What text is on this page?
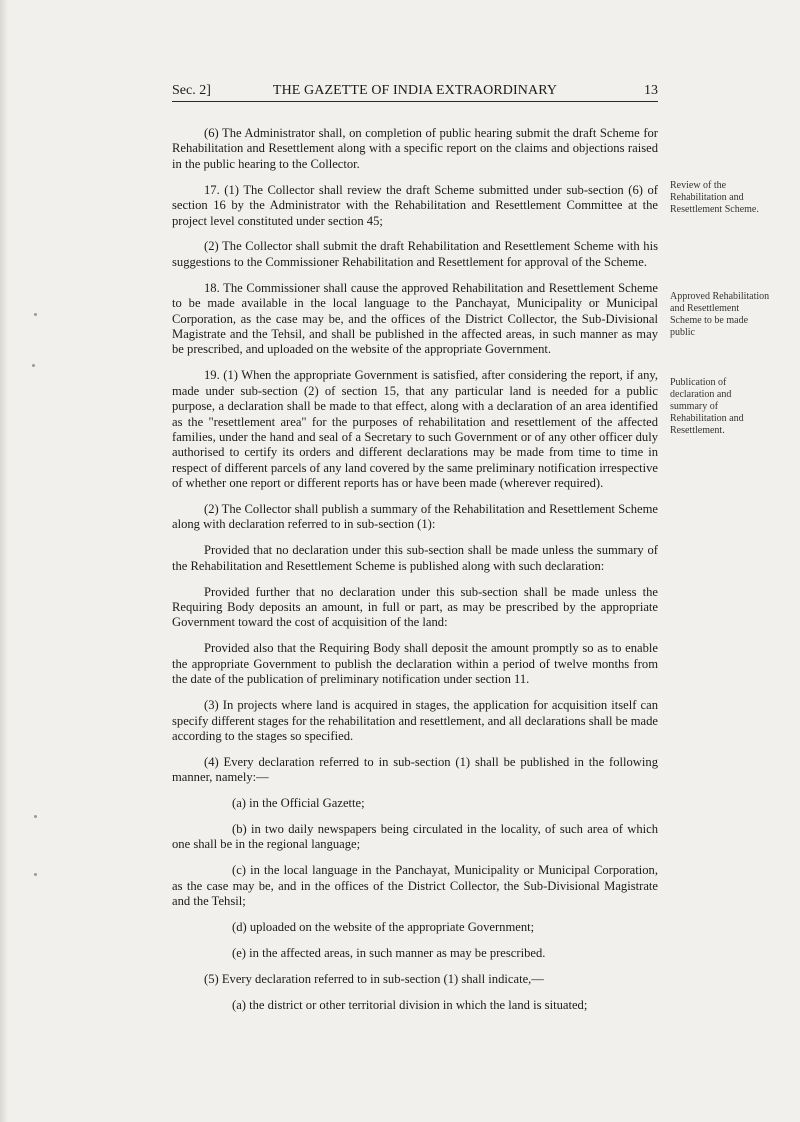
Sec. 2]	THE GAZETTE OF INDIA EXTRAORDINARY	13

(6) The Administrator shall, on completion of public hearing submit the draft Scheme for Rehabilitation and Resettlement along with a specific report on the claims and objections raised in the public hearing to the Collector.

17. (1) The Collector shall review the draft Scheme submitted under sub-section (6) of section 16 by the Administrator with the Rehabilitation and Resettlement Committee at the project level constituted under section 45;

(2) The Collector shall submit the draft Rehabilitation and Resettlement Scheme with his suggestions to the Commissioner Rehabilitation and Resettlement for approval of the Scheme.

18. The Commissioner shall cause the approved Rehabilitation and Resettlement Scheme to be made available in the local language to the Panchayat, Municipality or Municipal Corporation, as the case may be, and the offices of the District Collector, the Sub-Divisional Magistrate and the Tehsil, and shall be published in the affected areas, in such manner as may be prescribed, and uploaded on the website of the appropriate Government.

19. (1) When the appropriate Government is satisfied, after considering the report, if any, made under sub-section (2) of section 15, that any particular land is needed for a public purpose, a declaration shall be made to that effect, along with a declaration of an area identified as the "resettlement area" for the purposes of rehabilitation and resettlement of the affected families, under the hand and seal of a Secretary to such Government or of any other officer duly authorised to certify its orders and different declarations may be made from time to time in respect of different parcels of any land covered by the same preliminary notification irrespective of whether one report or different reports has or have been made (wherever required).

(2) The Collector shall publish a summary of the Rehabilitation and Resettlement Scheme along with declaration referred to in sub-section (1):

Provided that no declaration under this sub-section shall be made unless the summary of the Rehabilitation and Resettlement Scheme is published along with such declaration:

Provided further that no declaration under this sub-section shall be made unless the Requiring Body deposits an amount, in full or part, as may be prescribed by the appropriate Government toward the cost of acquisition of the land:

Provided also that the Requiring Body shall deposit the amount promptly so as to enable the appropriate Government to publish the declaration within a period of twelve months from the date of the publication of preliminary notification under section 11.

(3) In projects where land is acquired in stages, the application for acquisition itself can specify different stages for the rehabilitation and resettlement, and all declarations shall be made according to the stages so specified.

(4) Every declaration referred to in sub-section (1) shall be published in the following manner, namely:—

(a) in the Official Gazette;

(b) in two daily newspapers being circulated in the locality, of such area of which one shall be in the regional language;

(c) in the local language in the Panchayat, Municipality or Municipal Corporation, as the case may be, and in the offices of the District Collector, the Sub-Divisional Magistrate and the Tehsil;

(d) uploaded on the website of the appropriate Government;

(e) in the affected areas, in such manner as may be prescribed.

(5) Every declaration referred to in sub-section (1) shall indicate,—

(a) the district or other territorial division in which the land is situated;

Review of the Rehabilitation and Resettlement Scheme.
Approved Rehabilitation and Resettlement Scheme to be made public
Publication of declaration and summary of Rehabilitation and Resettlement.
